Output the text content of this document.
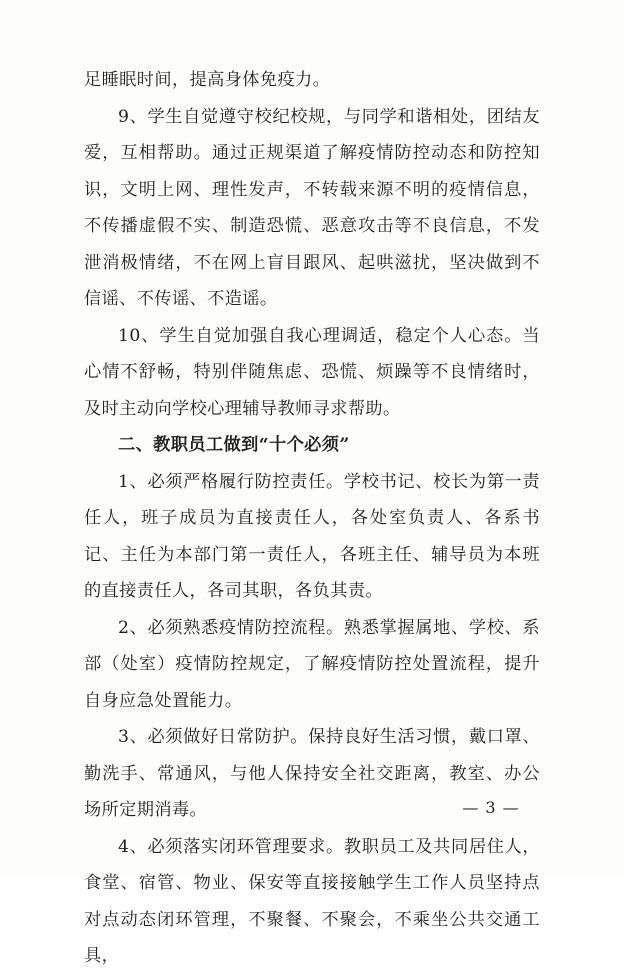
足睡眠时间，提高身体免疫力。

9、学生自觉遵守校纪校规，与同学和谐相处，团结友爱，互相帮助。通过正规渠道了解疫情防控动态和防控知识，文明上网、理性发声，不转载来源不明的疫情信息，不传播虚假不实、制造恐慌、恶意攻击等不良信息，不发泄消极情绪，不在网上盲目跟风、起哄滋扰，坚决做到不信谣、不传谣、不造谣。

10、学生自觉加强自我心理调适，稳定个人心态。当心情不舒畅，特别伴随焦虑、恐慌、烦躁等不良情绪时，及时主动向学校心理辅导教师寻求帮助。

二、教职员工做到“十个必须”

1、必须严格履行防控责任。学校书记、校长为第一责任人，班子成员为直接责任人，各处室负责人、各系书记、主任为本部门第一责任人，各班主任、辅导员为本班的直接责任人，各司其职，各负其责。

2、必须熟悉疫情防控流程。熟悉掌握属地、学校、系部（处室）疫情防控规定，了解疫情防控处置流程，提升自身应急处置能力。

3、必须做好日常防护。保持良好生活习惯，戴口罩、勤洗手、常通风，与他人保持安全社交距离，教室、办公场所定期消毒。

4、必须落实闭环管理要求。教职员工及共同居住人，食堂、宿管、物业、保安等直接接触学生工作人员坚持点对点动态闭环管理，不聚餐、不聚会，不乘坐公共交通工具，

— 3 —
